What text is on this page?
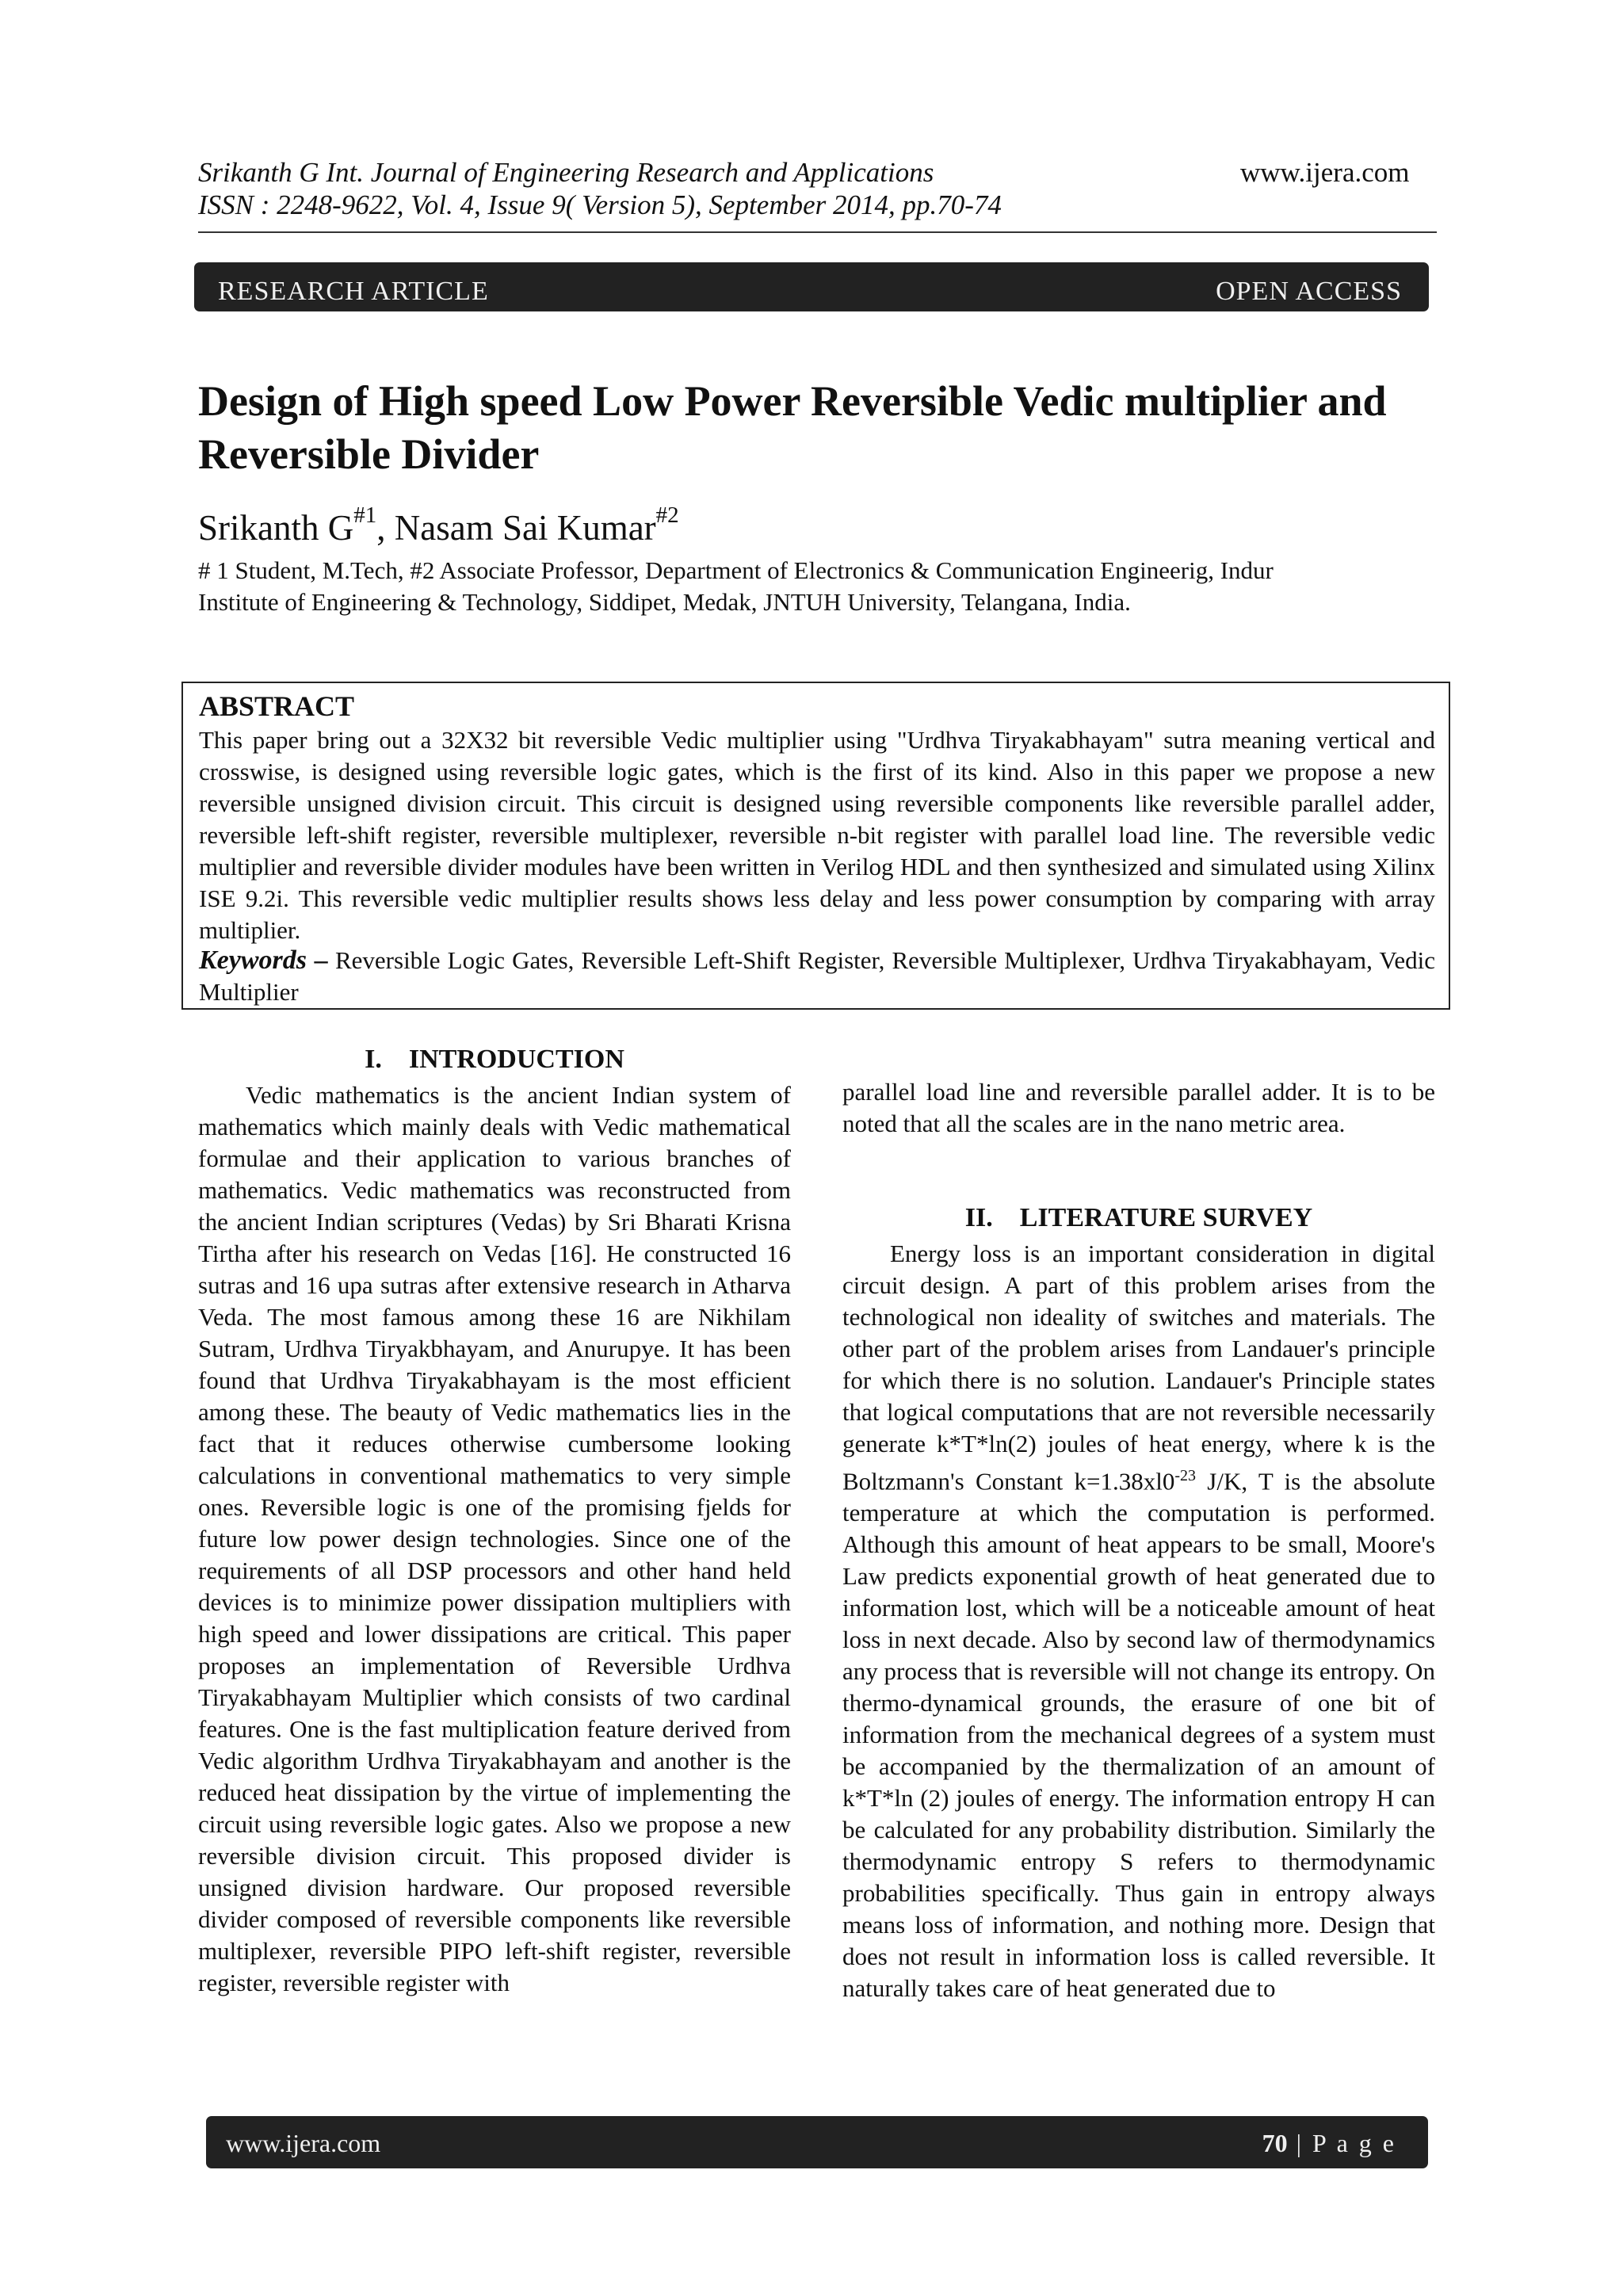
Srikanth G Int. Journal of Engineering Research and Applications	www.ijera.com
ISSN : 2248-9622, Vol. 4, Issue 9( Version 5), September 2014, pp.70-74
RESEARCH ARTICLE	OPEN ACCESS
Design of High speed Low Power Reversible Vedic multiplier and
Reversible Divider
Srikanth $G^{\#1}$, Nasam Sai Kumar$^{\#2}$
# 1 Student, M.Tech, #2 Associate Professor, Department of Electronics & Communication Engineerig, Indur
Institute of Engineering & Technology, Siddipet, Medak, JNTUH University, Telangana, India.
ABSTRACT
This paper bring out a 32X32 bit reversible Vedic multiplier using "Urdhva Tiryakabhayam" sutra meaning vertical and crosswise, is designed using reversible logic gates, which is the first of its kind. Also in this paper we propose a new reversible unsigned division circuit. This circuit is designed using reversible components like reversible parallel adder, reversible left-shift register, reversible multiplexer, reversible n-bit register with parallel load line. The reversible vedic multiplier and reversible divider modules have been written in Verilog HDL and then synthesized and simulated using Xilinx ISE 9.2i. This reversible vedic multiplier results shows less delay and less power consumption by comparing with array multiplier.
Keywords – Reversible Logic Gates, Reversible Left-Shift Register, Reversible Multiplexer, Urdhva Tiryakabhayam, Vedic Multiplier
I. INTRODUCTION
Vedic mathematics is the ancient Indian system of mathematics which mainly deals with Vedic mathematical formulae and their application to various branches of mathematics. Vedic mathematics was reconstructed from the ancient Indian scriptures (Vedas) by Sri Bharati Krisna Tirtha after his research on Vedas [16]. He constructed 16 sutras and 16 upa sutras after extensive research in Atharva Veda. The most famous among these 16 are Nikhilam Sutram, Urdhva Tiryakbhayam, and Anurupye. It has been found that Urdhva Tiryakabhayam is the most efficient among these. The beauty of Vedic mathematics lies in the fact that it reduces otherwise cumbersome looking calculations in conventional mathematics to very simple ones. Reversible logic is one of the promising fjelds for future low power design technologies. Since one of the requirements of all DSP processors and other hand held devices is to minimize power dissipation multipliers with high speed and lower dissipations are critical. This paper proposes an implementation of Reversible Urdhva Tiryakabhayam Multiplier which consists of two cardinal features. One is the fast multiplication feature derived from Vedic algorithm Urdhva Tiryakabhayam and another is the reduced heat dissipation by the virtue of implementing the circuit using reversible logic gates. Also we propose a new reversible division circuit. This proposed divider is unsigned division hardware. Our proposed reversible divider composed of reversible components like reversible multiplexer, reversible PIPO left-shift register, reversible register, reversible register with
parallel load line and reversible parallel adder. It is to be noted that all the scales are in the nano metric area.
II. LITERATURE SURVEY
Energy loss is an important consideration in digital circuit design. A part of this problem arises from the technological non ideality of switches and materials. The other part of the problem arises from Landauer's principle for which there is no solution. Landauer's Principle states that logical computations that are not reversible necessarily generate k*T*ln(2) joules of heat energy, where k is the Boltzmann's Constant $k=1.38xl0^{-23}$ J/K, T is the absolute temperature at which the computation is performed. Although this amount of heat appears to be small, Moore's Law predicts exponential growth of heat generated due to information lost, which will be a noticeable amount of heat loss in next decade. Also by second law of thermodynamics any process that is reversible will not change its entropy. On thermo-dynamical grounds, the erasure of one bit of information from the mechanical degrees of a system must be accompanied by the thermalization of an amount of k*T*ln (2) joules of energy. The information entropy H can be calculated for any probability distribution. Similarly the thermodynamic entropy S refers to thermodynamic probabilities specifically. Thus gain in entropy always means loss of information, and nothing more. Design that does not result in information loss is called reversible. It naturally takes care of heat generated due to
www.ijera.com	70 | P a g e
